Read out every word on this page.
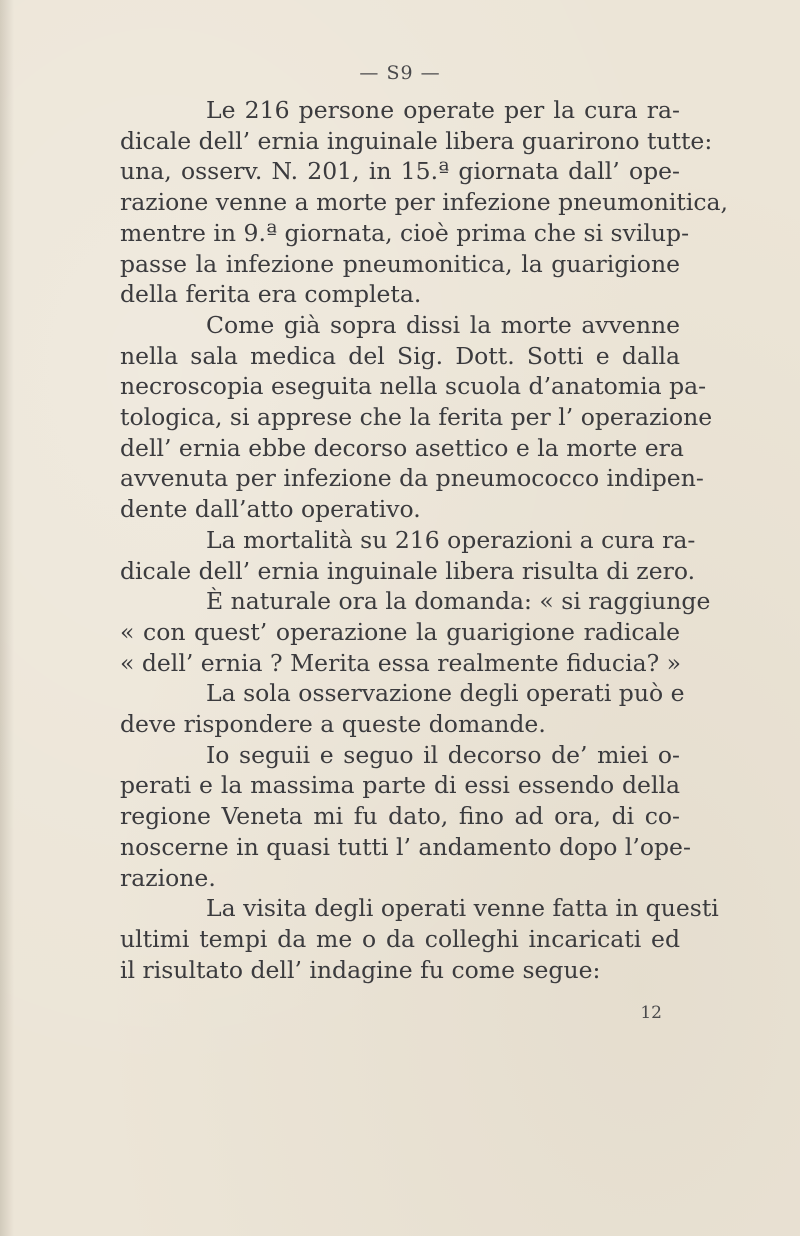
— S9 —

Le 216 persone operate per la cura ra-
dicale dell’ ernia inguinale libera guarirono tutte:
una, osserv. N. 201, in 15.ª giornata dall’ ope-
razione venne a morte per infezione pneumonitica,
mentre in 9.ª giornata, cioè prima che si svilup-
passe la infezione pneumonitica, la guarigione
della ferita era completa.

Come già sopra dissi la morte avvenne
nella sala medica del Sig. Dott. Sotti e dalla
necroscopia eseguita nella scuola d’anatomia pa-
tologica, si apprese che la ferita per l’ operazione
dell’ ernia ebbe decorso asettico e la morte era
avvenuta per infezione da pneumococco indipen-
dente dall’atto operativo.

La mortalità su 216 operazioni a cura ra-
dicale dell’ ernia inguinale libera risulta di zero.

È naturale ora la domanda: « si raggiunge
« con quest’ operazione la guarigione radicale
« dell’ ernia ? Merita essa realmente fiducia? »

La sola osservazione degli operati può e
deve rispondere a queste domande.

Io seguii e seguo il decorso de’ miei o-
perati e la massima parte di essi essendo della
regione Veneta mi fu dato, fino ad ora, di co-
noscerne in quasi tutti l’ andamento dopo l’ope-
razione.

La visita degli operati venne fatta in questi
ultimi tempi da me o da colleghi incaricati ed
il risultato dell’ indagine fu come segue:

12
